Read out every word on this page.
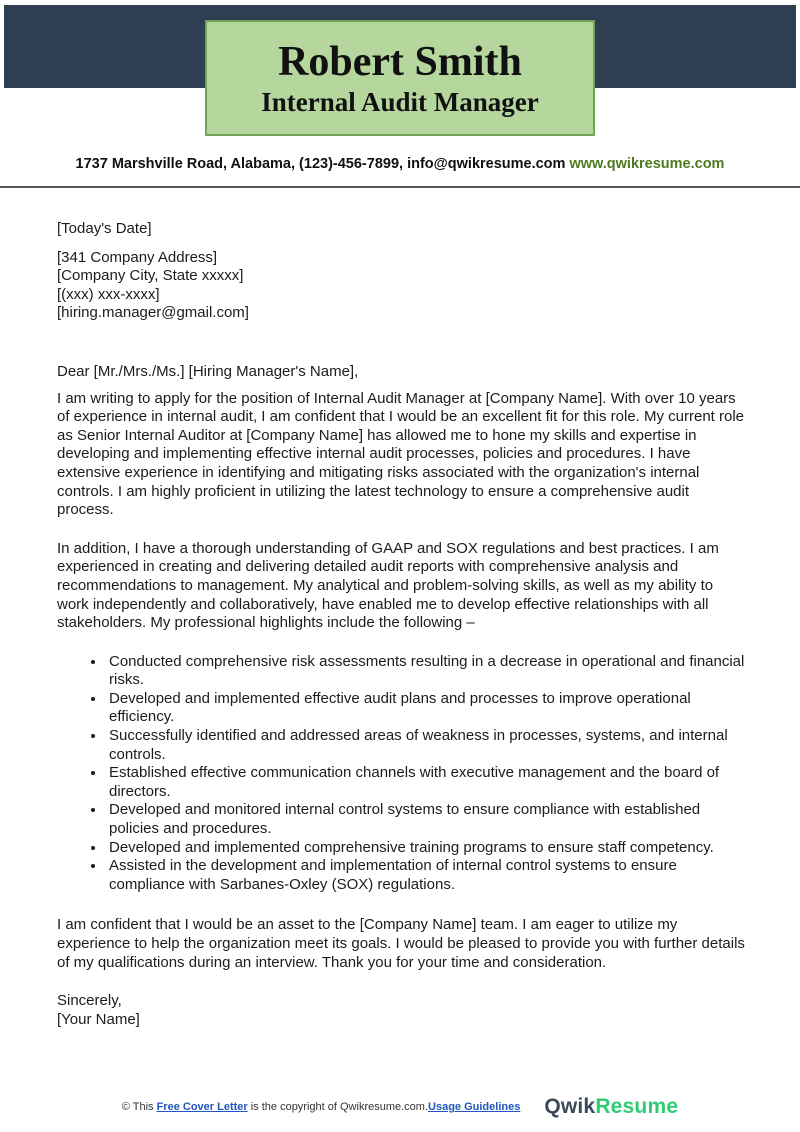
Robert Smith
Internal Audit Manager
1737 Marshville Road, Alabama, (123)-456-7899, info@qwikresume.com www.qwikresume.com

[Today's Date]

[341 Company Address]
[Company City, State xxxxx]
[(xxx) xxx-xxxx]
[hiring.manager@gmail.com]

Dear [Mr./Mrs./Ms.] [Hiring Manager's Name],

I am writing to apply for the position of Internal Audit Manager at [Company Name]. With over 10 years of experience in internal audit, I am confident that I would be an excellent fit for this role. My current role as Senior Internal Auditor at [Company Name] has allowed me to hone my skills and expertise in developing and implementing effective internal audit processes, policies and procedures. I have extensive experience in identifying and mitigating risks associated with the organization's internal controls. I am highly proficient in utilizing the latest technology to ensure a comprehensive audit process.

In addition, I have a thorough understanding of GAAP and SOX regulations and best practices. I am experienced in creating and delivering detailed audit reports with comprehensive analysis and recommendations to management. My analytical and problem-solving skills, as well as my ability to work independently and collaboratively, have enabled me to develop effective relationships with all stakeholders. My professional highlights include the following –

• Conducted comprehensive risk assessments resulting in a decrease in operational and financial risks.
• Developed and implemented effective audit plans and processes to improve operational efficiency.
• Successfully identified and addressed areas of weakness in processes, systems, and internal controls.
• Established effective communication channels with executive management and the board of directors.
• Developed and monitored internal control systems to ensure compliance with established policies and procedures.
• Developed and implemented comprehensive training programs to ensure staff competency.
• Assisted in the development and implementation of internal control systems to ensure compliance with Sarbanes-Oxley (SOX) regulations.

I am confident that I would be an asset to the [Company Name] team. I am eager to utilize my experience to help the organization meet its goals. I would be pleased to provide you with further details of my qualifications during an interview. Thank you for your time and consideration.

Sincerely,
[Your Name]
© This Free Cover Letter is the copyright of Qwikresume.com.Usage Guidelines QwikResume
